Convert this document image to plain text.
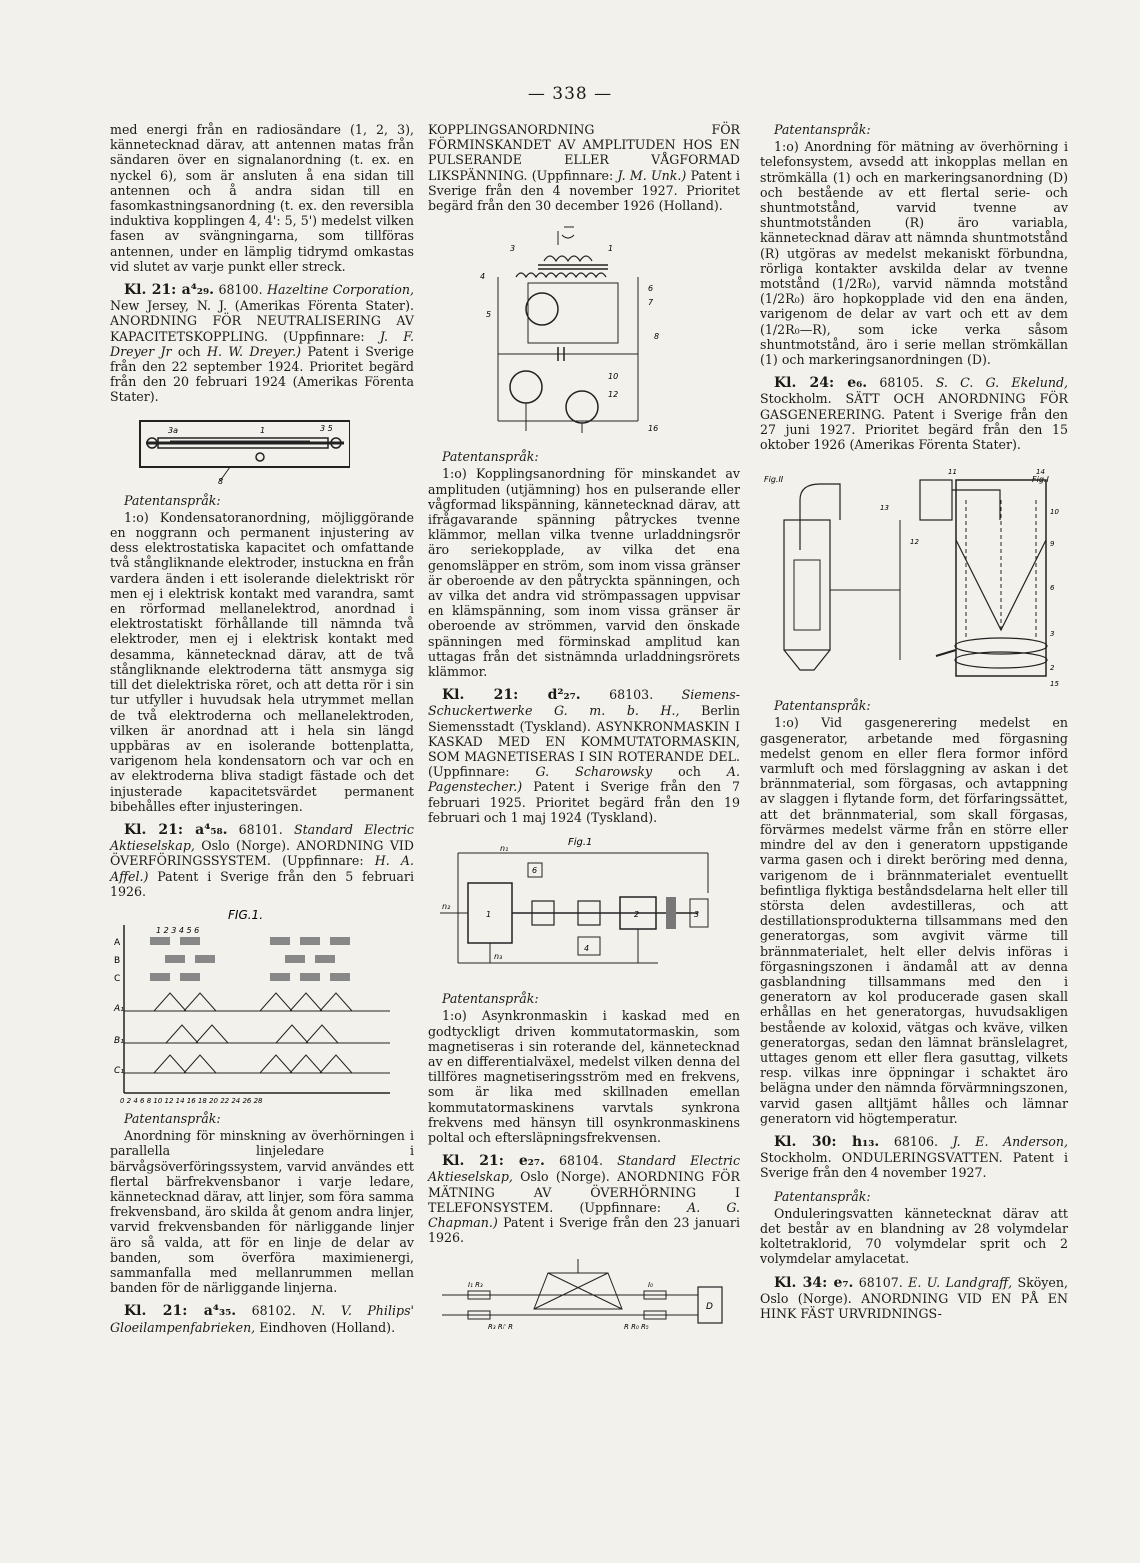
— 338 —

med energi från en radiosändare (1, 2, 3), kännetecknad därav, att antennen matas från sändaren över en signalanordning (t. ex. en nyckel 6), som är ansluten å ena sidan till antennen och å andra sidan till en fasomkastningsanordning (t. ex. den reversibla induktiva kopplingen 4, 4': 5, 5') medelst vilken fasen av svängningarna, som tillföras antennen, under en lämplig tidrymd omkastas vid slutet av varje punkt eller streck.

Kl. 21: a⁴₂₉. 68100. Hazeltine Corporation, New Jersey, N. J. (Amerikas Förenta Stater). ANORDNING FÖR NEUTRALISERING AV KAPACITETSKOPPLING. (Uppfinnare: J. F. Dreyer Jr och H. W. Dreyer.) Patent i Sverige från den 22 september 1924. Prioritet begärd från den 20 februari 1924 (Amerikas Förenta Stater).

3a	1	3 5
8

Patentanspråk:

1:o) Kondensatoranordning, möjliggörande en noggrann och permanent injustering av dess elektrostatiska kapacitet och omfattande två stångliknande elektroder, instuckna en från vardera änden i ett isolerande dielektriskt rör men ej i elektrisk kontakt med varandra, samt en rörformad mellanelektrod, anordnad i elektrostatiskt förhållande till nämnda två elektroder, men ej i elektrisk kontakt med desamma, kännetecknad därav, att de två stångliknande elektroderna tätt ansmyga sig till det dielektriska röret, och att detta rör i sin tur utfyller i huvudsak hela utrymmet mellan de två elektroderna och mellanelektroden, vilken är anordnad att i hela sin längd uppbäras av en isolerande bottenplatta, varigenom hela kondensatorn och var och en av elektroderna bliva stadigt fästade och det injusterade kapacitetsvärdet permanent bibehålles efter injusteringen.

Kl. 21: a⁴₅₈. 68101. Standard Electric Aktieselskap, Oslo (Norge). ANORDNING VID ÖVERFÖRINGSSYSTEM. (Uppfinnare: H. A. Affel.) Patent i Sverige från den 5 februari 1926.

FIG.1.
1 2 3 4 5 6
A
B
C
A₁
B₁
C₁
0 2 4 6 8 10 12 14 16 18 20 22 24 26 28

Patentanspråk:

Anordning för minskning av överhörningen i parallella linjeledare i bärvågsöverföringssystem, varvid användes ett flertal bärfrekvensbanor i varje ledare, kännetecknad därav, att linjer, som föra samma frekvensband, äro skilda åt genom andra linjer, varvid frekvensbanden för närliggande linjer äro så valda, att för en linje de delar av banden, som överföra maximienergi, sammanfalla med mellanrummen mellan banden för de närliggande linjerna.

Kl. 21: a⁴₃₅. 68102. N. V. Philips' Gloeilampenfabrieken, Eindhoven (Holland).

KOPPLINGSANORDNING FÖR FÖRMINSKANDET AV AMPLITUDEN HOS EN PULSERANDE ELLER VÅGFORMAD LIKSPÄNNING. (Uppfinnare: J. M. Unk.) Patent i Sverige från den 4 november 1927. Prioritet begärd från den 30 december 1926 (Holland).

3	1
4
6
7
5
8
10
12
16

Patentanspråk:

1:o) Kopplingsanordning för minskandet av amplituden (utjämning) hos en pulserande eller vågformad likspänning, kännetecknad därav, att ifrågavarande spänning påtryckes tvenne klämmor, mellan vilka tvenne urladdningsrör äro seriekopplade, av vilka det ena genomsläpper en ström, som inom vissa gränser är oberoende av den påtryckta spänningen, och av vilka det andra vid strömpassagen uppvisar en klämspänning, som inom vissa gränser är oberoende av strömmen, varvid den önskade spänningen med förminskad amplitud kan uttagas från det sistnämnda urladdningsrörets klämmor.

Kl. 21: d²₂₇. 68103. Siemens-Schuckertwerke G. m. b. H., Berlin Siemensstadt (Tyskland). ASYNKRONMASKIN I KASKAD MED EN KOMMUTATORMASKIN, SOM MAGNETISERAS I SIN ROTERANDE DEL. (Uppfinnare: G. Scharowsky och A. Pagenstecher.) Patent i Sverige från den 7 februari 1925. Prioritet begärd från den 19 februari och 1 maj 1924 (Tyskland).

Fig.1
1
6
2
4
3
n₁
n₂
n₃

Patentanspråk:

1:o) Asynkronmaskin i kaskad med en godtyckligt driven kommutatormaskin, som magnetiseras i sin roterande del, kännetecknad av en differentialväxel, medelst vilken denna del tillföres magnetiseringsström med en frekvens, som är lika med skillnaden emellan kommutatormaskinens varvtals synkrona frekvens med hänsyn till osynkronmaskinens poltal och eftersläpningsfrekvensen.

Kl. 21: e₂₇. 68104. Standard Electric Aktieselskap, Oslo (Norge). ANORDNING FÖR MÄTNING AV ÖVERHÖRNING I TELEFONSYSTEM. (Uppfinnare: A. G. Chapman.) Patent i Sverige från den 23 januari 1926.

D
I₁ R₃	I₀
R₃ Rᵢ' R	R R₀ R₅

Patentanspråk:

1:o) Anordning för mätning av överhörning i telefonsystem, avsedd att inkopplas mellan en strömkälla (1) och en markeringsanordning (D) och bestående av ett flertal serie- och shuntmotstånd, varvid tvenne av shuntmotstånden (R) äro variabla, kännetecknad därav att nämnda shuntmotstånd (R) utgöras av medelst mekaniskt förbundna, rörliga kontakter avskilda delar av tvenne motstånd (1/2R₀), varvid nämnda motstånd (1/2R₀) äro hopkopplade vid den ena änden, varigenom de delar av vart och ett av dem (1/2R₀—R), som icke verka såsom shuntmotstånd, äro i serie mellan strömkällan (1) och markeringsanordningen (D).

Kl. 24: e₆. 68105. S. C. G. Ekelund, Stockholm. SÄTT OCH ANORDNING FÖR GASGENERERING. Patent i Sverige från den 27 juni 1927. Prioritet begärd från den 15 oktober 1926 (Amerikas Förenta Stater).

Fig.II	Fig.I
11	14
10
9
6
3
2
13
12
15

Patentanspråk:

1:o) Vid gasgenerering medelst en gasgenerator, arbetande med förgasning medelst genom en eller flera formor införd varmluft och med förslaggning av askan i det brännmaterial, som förgasas, och avtappning av slaggen i flytande form, det förfaringssättet, att det brännmaterial, som skall förgasas, förvärmes medelst värme från en större eller mindre del av den i generatorn uppstigande varma gasen och i direkt beröring med denna, varigenom de i brännmaterialet eventuellt befintliga flyktiga beståndsdelarna helt eller till största delen avdestilleras, och att destillationsprodukterna tillsammans med den generatorgas, som avgivit värme till brännmaterialet, helt eller delvis införas i förgasningszonen i ändamål att av denna gasblandning tillsammans med den i generatorn av kol producerade gasen skall erhållas en het generatorgas, huvudsakligen bestående av koloxid, vätgas och kväve, vilken generatorgas, sedan den lämnat bränslelagret, uttages genom ett eller flera gasuttag, vilkets resp. vilkas inre öppningar i schaktet äro belägna under den nämnda förvärmningszonen, varvid gasen alltjämt hålles och lämnar generatorn vid högtemperatur.

Kl. 30: h₁₃. 68106. J. E. Anderson, Stockholm. ONDULERINGSVATTEN. Patent i Sverige från den 4 november 1927.

Patentanspråk:

Onduleringsvatten kännetecknat därav att det består av en blandning av 28 volymdelar koltetraklorid, 70 volymdelar sprit och 2 volymdelar amylacetat.

Kl. 34: e₇. 68107. E. U. Landgraff, Sköyen, Oslo (Norge). ANORDNING VID EN PÅ EN HINK FÄST URVRIDNINGS-
